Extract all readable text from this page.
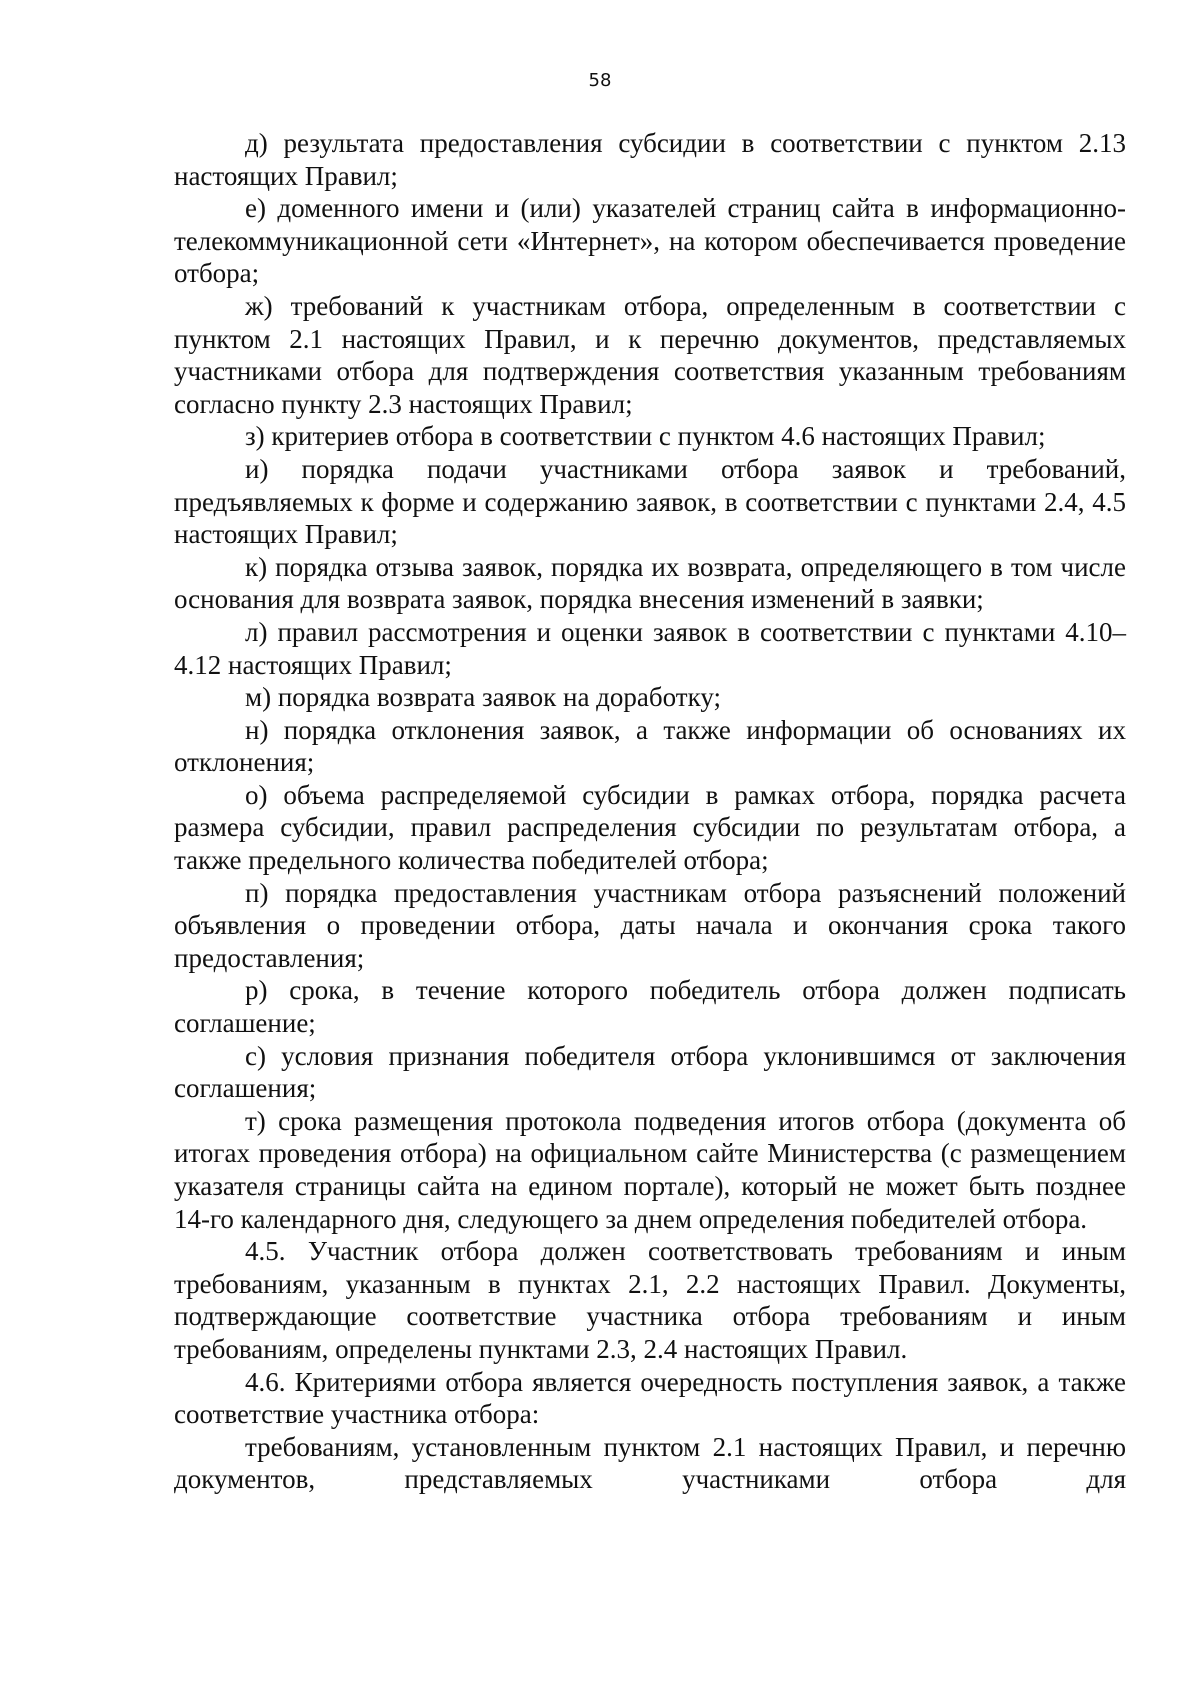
58

д) результата предоставления субсидии в соответствии с пунктом 2.13 настоящих Правил;

е) доменного имени и (или) указателей страниц сайта в информационно-телекоммуникационной сети «Интернет», на котором обеспечивается проведение отбора;

ж) требований к участникам отбора, определенным в соответствии с пунктом 2.1 настоящих Правил, и к перечню документов, представляемых участниками отбора для подтверждения соответствия указанным требованиям согласно пункту 2.3 настоящих Правил;

з) критериев отбора в соответствии с пунктом 4.6 настоящих Правил;

и) порядка подачи участниками отбора заявок и требований, предъявляемых к форме и содержанию заявок, в соответствии с пунктами 2.4, 4.5 настоящих Правил;

к) порядка отзыва заявок, порядка их возврата, определяющего в том числе основания для возврата заявок, порядка внесения изменений в заявки;

л) правил рассмотрения и оценки заявок в соответствии с пунктами 4.10–4.12 настоящих Правил;

м) порядка возврата заявок на доработку;

н) порядка отклонения заявок, а также информации об основаниях их отклонения;

о) объема распределяемой субсидии в рамках отбора, порядка расчета размера субсидии, правил распределения субсидии по результатам отбора, а также предельного количества победителей отбора;

п) порядка предоставления участникам отбора разъяснений положений объявления о проведении отбора, даты начала и окончания срока такого предоставления;

р) срока, в течение которого победитель отбора должен подписать соглашение;

с) условия признания победителя отбора уклонившимся от заключения соглашения;

т) срока размещения протокола подведения итогов отбора (документа об итогах проведения отбора) на официальном сайте Министерства (с размещением указателя страницы сайта на едином портале), который не может быть позднее 14-го календарного дня, следующего за днем определения победителей отбора.

4.5. Участник отбора должен соответствовать требованиям и иным требованиям, указанным в пунктах 2.1, 2.2 настоящих Правил. Документы, подтверждающие соответствие участника отбора требованиям и иным требованиям, определены пунктами 2.3, 2.4 настоящих Правил.

4.6. Критериями отбора является очередность поступления заявок, а также соответствие участника отбора:

требованиям, установленным пунктом 2.1 настоящих Правил, и перечню документов, представляемых участниками отбора для
